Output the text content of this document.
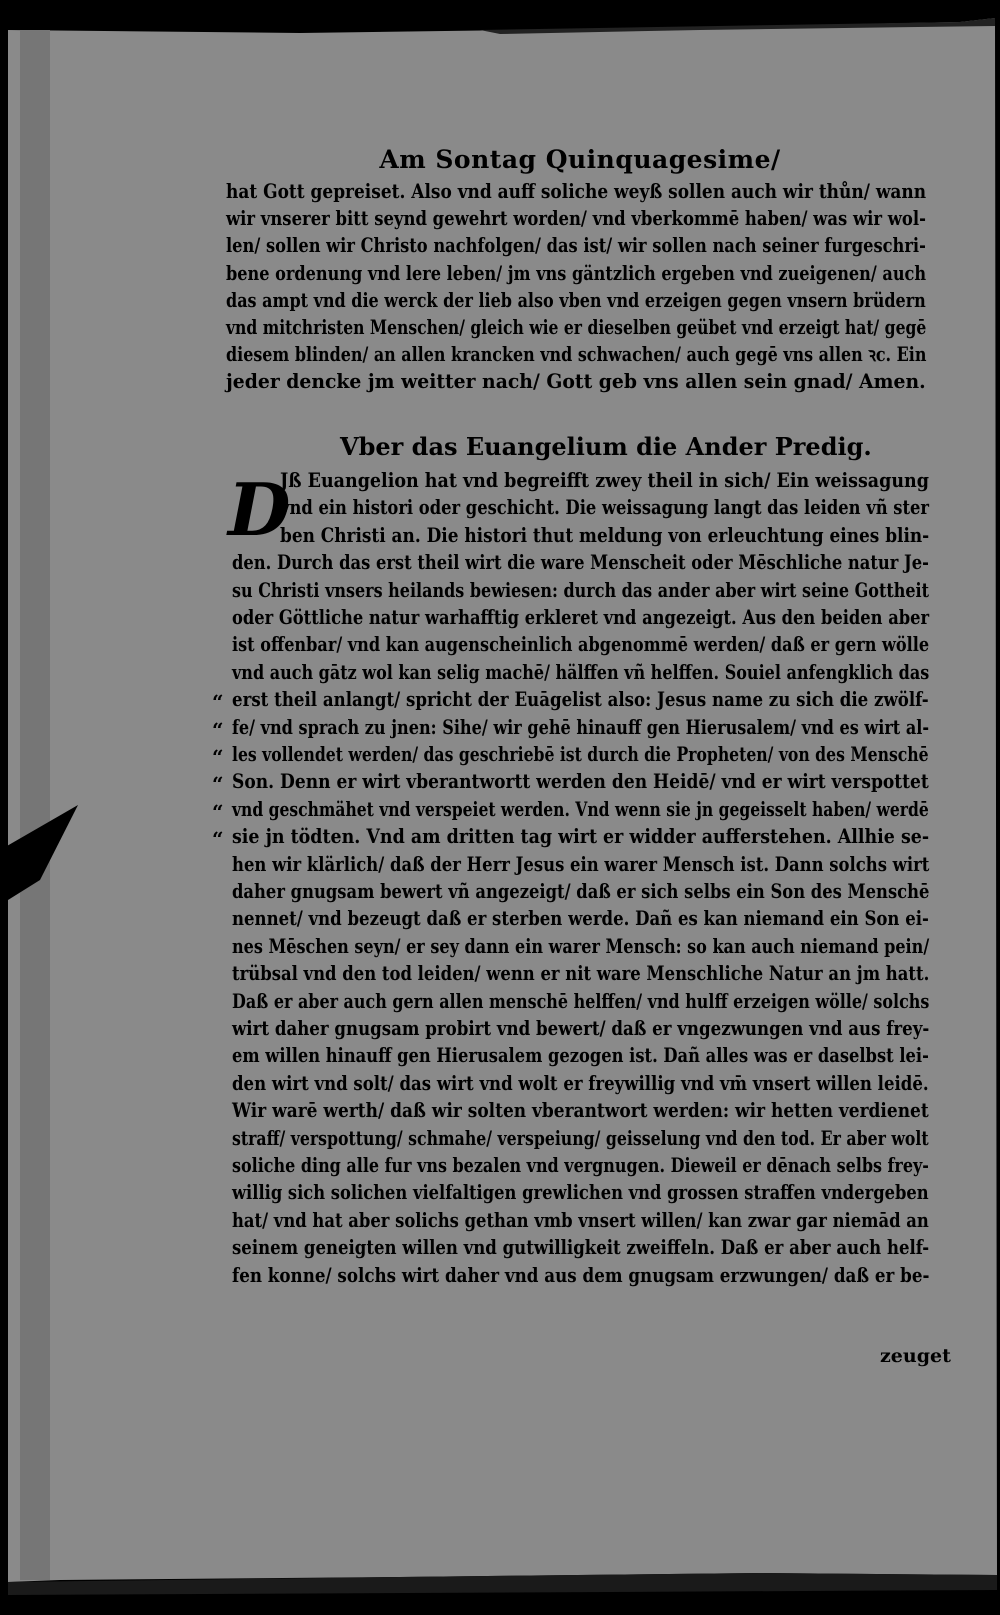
Am Sontag Quinquagesime/
hat Gott gepreiset. Also vnd auff soliche weyß sollen auch wir thůn/ wann
wir vnserer bitt seynd gewehrt worden/ vnd vberkommē haben/ was wir wol-
len/ sollen wir Christo nachfolgen/ das ist/ wir sollen nach seiner furgeschri-
bene ordenung vnd lere leben/ jm vns gäntzlich ergeben vnd zueigenen/ auch
das ampt vnd die werck der lieb also vben vnd erzeigen gegen vnsern brüdern
vnd mitchristen Menschen/ gleich wie er dieselben geübet vnd erzeigt hat/ gegē
diesem blinden/ an allen krancken vnd schwachen/ auch gegē vns allen ꝛc. Ein
jeder dencke jm weitter nach/ Gott geb vns allen sein gnad/ Amen.
Vber das Euangelium die Ander Predig.
D
Jß Euangelion hat vnd begreifft zwey theil in sich/ Ein weissagung
vnd ein histori oder geschicht. Die weissagung langt das leiden vñ ster
ben Christi an. Die histori thut meldung von erleuchtung eines blin-
den. Durch das erst theil wirt die ware Menscheit oder Mēschliche natur Je-
su Christi vnsers heilands bewiesen: durch das ander aber wirt seine Gottheit
oder Göttliche natur warhafftig erkleret vnd angezeigt. Aus den beiden aber
ist offenbar/ vnd kan augenscheinlich abgenommē werden/ daß er gern wölle
vnd auch gātz wol kan selig machē/ hälffen vñ helffen. Souiel anfengklich das
erst theil anlangt/ spricht der Euāgelist also: Jesus name zu sich die zwölf-
fe/ vnd sprach zu jnen: Sihe/ wir gehē hinauff gen Hierusalem/ vnd es wirt al-
les vollendet werden/ das geschriebē ist durch die Propheten/ von des Menschē
Son. Denn er wirt vberantwortt werden den Heidē/ vnd er wirt verspottet
vnd geschmähet vnd verspeiet werden. Vnd wenn sie jn gegeisselt haben/ werdē
sie jn tödten. Vnd am dritten tag wirt er widder aufferstehen. Allhie se-
hen wir klärlich/ daß der Herr Jesus ein warer Mensch ist. Dann solchs wirt
daher gnugsam bewert vñ angezeigt/ daß er sich selbs ein Son des Menschē
nennet/ vnd bezeugt daß er sterben werde. Dañ es kan niemand ein Son ei-
nes Mēschen seyn/ er sey dann ein warer Mensch: so kan auch niemand pein/
trübsal vnd den tod leiden/ wenn er nit ware Menschliche Natur an jm hatt.
Daß er aber auch gern allen menschē helffen/ vnd hulff erzeigen wölle/ solchs
wirt daher gnugsam probirt vnd bewert/ daß er vngezwungen vnd aus frey-
em willen hinauff gen Hierusalem gezogen ist. Dañ alles was er daselbst lei-
den wirt vnd solt/ das wirt vnd wolt er freywillig vnd vm̄ vnsert willen leidē.
Wir warē werth/ daß wir solten vberantwort werden: wir hetten verdienet
straff/ verspottung/ schmahe/ verspeiung/ geisselung vnd den tod. Er aber wolt
soliche ding alle fur vns bezalen vnd vergnugen. Dieweil er dēnach selbs frey-
willig sich solichen vielfaltigen grewlichen vnd grossen straffen vndergeben
hat/ vnd hat aber solichs gethan vmb vnsert willen/ kan zwar gar niemād an
seinem geneigten willen vnd gutwilligkeit zweiffeln. Daß er aber auch helf-
fen konne/ solchs wirt daher vnd aus dem gnugsam erzwungen/ daß er be-
“
“
“
“
“
“
zeuget
